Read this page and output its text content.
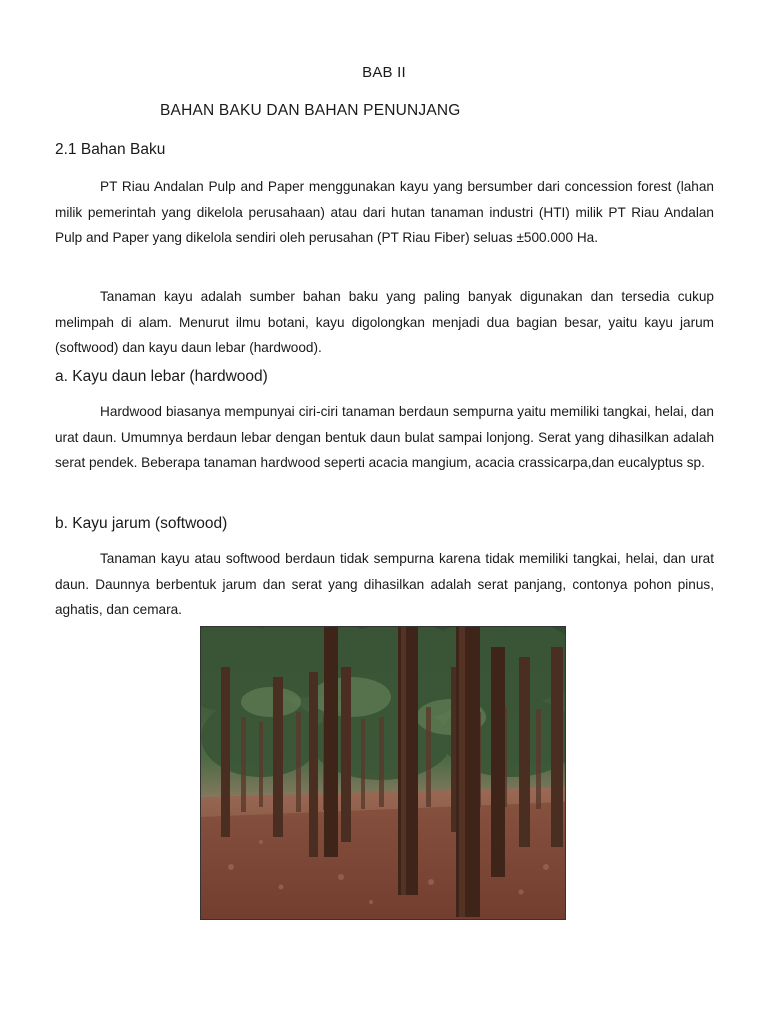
BAB II
BAHAN BAKU DAN BAHAN PENUNJANG
2.1 Bahan Baku

PT Riau Andalan Pulp and Paper menggunakan kayu yang bersumber dari concession forest (lahan milik pemerintah yang dikelola perusahaan) atau dari hutan tanaman industri (HTI) milik PT Riau Andalan Pulp and Paper yang dikelola sendiri oleh perusahan (PT Riau Fiber) seluas ±500.000 Ha.

Tanaman kayu adalah sumber bahan baku yang paling banyak digunakan dan tersedia cukup melimpah di alam. Menurut ilmu botani, kayu digolongkan menjadi dua bagian besar, yaitu kayu jarum (softwood) dan kayu daun lebar (hardwood).

a. Kayu daun lebar (hardwood)

Hardwood biasanya mempunyai ciri-ciri tanaman berdaun sempurna yaitu memiliki tangkai, helai, dan urat daun. Umumnya berdaun lebar dengan bentuk daun bulat sampai lonjong. Serat yang dihasilkan adalah serat pendek. Beberapa tanaman hardwood seperti acacia mangium, acacia crassicarpa,dan eucalyptus sp.

b. Kayu jarum (softwood)

Tanaman kayu atau softwood berdaun tidak sempurna karena tidak memiliki tangkai, helai, dan urat daun. Daunnya berbentuk jarum dan serat yang dihasilkan adalah serat panjang, contonya pohon pinus, aghatis, dan cemara.
